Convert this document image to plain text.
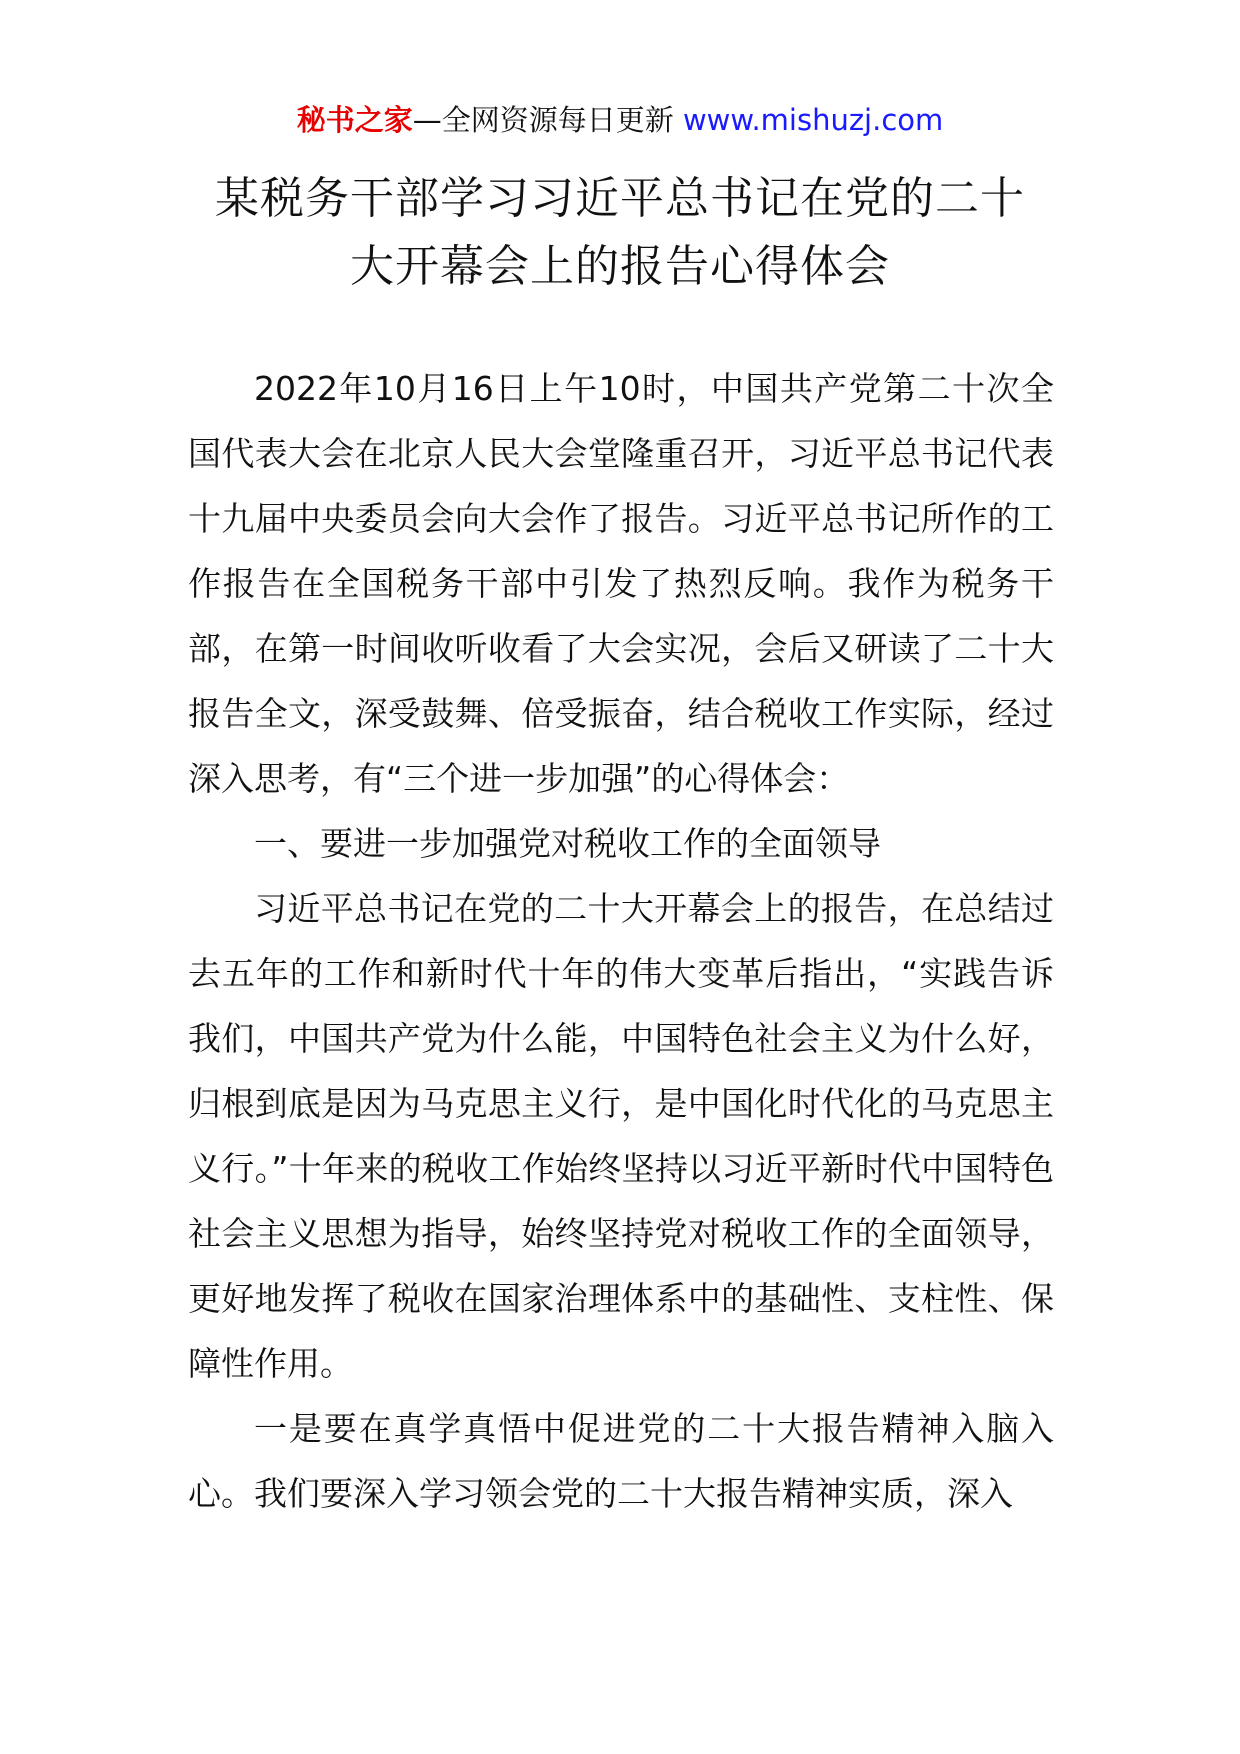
秘书之家—全网资源每日更新 www.mishuzj.com
某税务干部学习习近平总书记在党的二十
大开幕会上的报告心得体会

2022年10月16日上午10时，中国共产党第二十次全国代表大会在北京人民大会堂隆重召开，习近平总书记代表十九届中央委员会向大会作了报告。习近平总书记所作的工作报告在全国税务干部中引发了热烈反响。我作为税务干部，在第一时间收听收看了大会实况，会后又研读了二十大报告全文，深受鼓舞、倍受振奋，结合税收工作实际，经过深入思考，有“三个进一步加强”的心得体会：

一、要进一步加强党对税收工作的全面领导

习近平总书记在党的二十大开幕会上的报告，在总结过去五年的工作和新时代十年的伟大变革后指出，“实践告诉我们，中国共产党为什么能，中国特色社会主义为什么好，归根到底是因为马克思主义行，是中国化时代化的马克思主义行。”十年来的税收工作始终坚持以习近平新时代中国特色社会主义思想为指导，始终坚持党对税收工作的全面领导，更好地发挥了税收在国家治理体系中的基础性、支柱性、保障性作用。

一是要在真学真悟中促进党的二十大报告精神入脑入心。我们要深入学习领会党的二十大报告精神实质，深入
